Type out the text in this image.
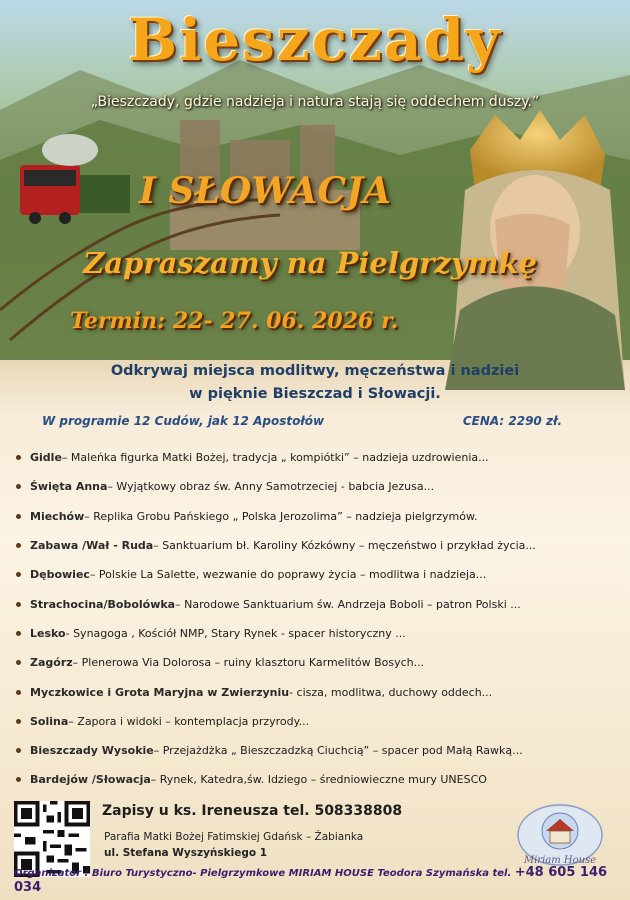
Bieszczady
„Bieszczady, gdzie nadzieja i natura stają się oddechem duszy.”
I SŁOWACJA
Zapraszamy na Pielgrzymkę
Termin: 22- 27. 06. 2026 r.
Odkrywaj miejsca modlitwy, męczeństwa i nadziei
w pięknie Bieszczad i Słowacji.
W programie 12 Cudów, jak 12 Apostołów	CENA: 2290 zł.
Gidle – Maleńka figurka Matki Bożej, tradycja „ kompiótki” – nadzieja uzdrowienia...
Święta Anna – Wyjątkowy obraz św. Anny Samotrzeciej - babcia Jezusa...
Miechów – Replika Grobu Pańskiego „ Polska Jerozolima” – nadzieja pielgrzymów.
Zabawa /Wał - Ruda – Sanktuarium bł. Karoliny Kózkówny – męczeństwo i przykład życia...
Dębowiec – Polskie La Salette, wezwanie do poprawy życia – modlitwa i nadzieja...
Strachocina/Bobolówka – Narodowe Sanktuarium św. Andrzeja Boboli – patron Polski ...
Lesko - Synagoga , Kościół NMP, Stary Rynek - spacer historyczny ...
Zagórz – Plenerowa Via Dolorosa – ruiny klasztoru Karmelitów Bosych...
Myczkowice i Grota Maryjna w Zwierzyniu - cisza, modlitwa, duchowy oddech...
Solina – Zapora i widoki – kontemplacja przyrody...
Bieszczady Wysokie – Przejażdżka „ Bieszczadzką Ciuchcią” – spacer pod Małą Rawką...
Bardejów /Słowacja – Rynek, Katedra,św. Idziego – średniowieczne mury UNESCO
Zapisy u ks. Ireneusza tel. 508338808
Parafia Matki Bożej Fatimskiej Gdańsk – Żabianka
ul. Stefana Wyszyńskiego 1
Organizator : Biuro Turystyczno- Pielgrzymkowe MIRIAM HOUSE Teodora Szymańska tel. +48 605 146 034
Miriam House
